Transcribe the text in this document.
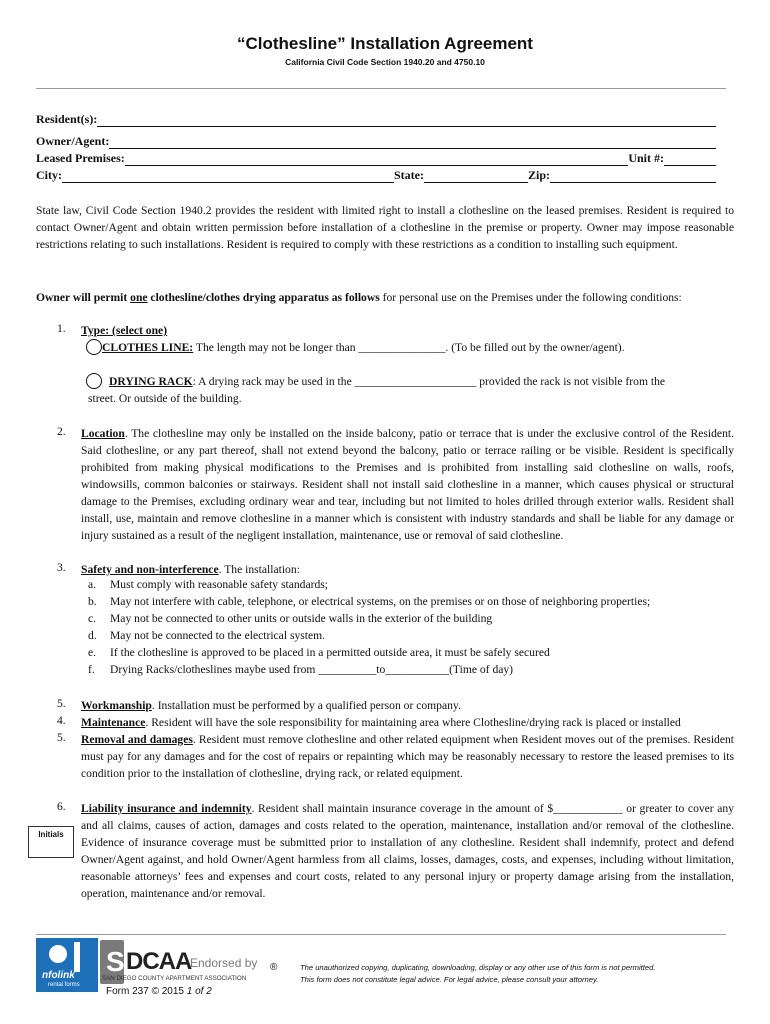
“Clothesline” Installation Agreement
California Civil Code Section 1940.20 and 4750.10
Resident(s):
Owner/Agent:
Leased Premises:	Unit #:
City:	State:	Zip:
State law, Civil Code Section 1940.2 provides the resident with limited right to install a clothesline on the leased premises. Resident is required to contact Owner/Agent and obtain written permission before installation of a clothesline in the premise or property. Owner may impose reasonable restrictions relating to such installations. Resident is required to comply with these restrictions as a condition to installing such equipment.
Owner will permit one clothesline/clothes drying apparatus as follows for personal use on the Premises under the following conditions:
1. Type: (select one)
CLOTHES LINE: The length may not be longer than _______________. (To be filled out by the owner/agent).
DRYING RACK: A drying rack may be used in the _____________________ provided the rack is not visible from the
street. Or outside of the building.
2. Location. The clothesline may only be installed on the inside balcony, patio or terrace that is under the exclusive control of the Resident. Said clothesline, or any part thereof, shall not extend beyond the balcony, patio or terrace railing or be visible. Resident is specifically prohibited from making physical modifications to the Premises and is prohibited from installing said clothesline on walls, roofs, windowsills, common balconies or stairways. Resident shall not install said clothesline in a manner, which causes physical or structural damage to the Premises, excluding ordinary wear and tear, including but not limited to holes drilled through exterior walls. Resident shall install, use, maintain and remove clothesline in a manner which is consistent with industry standards and shall be liable for any damage or injury sustained as a result of the negligent installation, maintenance, use or removal of said clothesline.
3. Safety and non-interference. The installation:
a. Must comply with reasonable safety standards;
b. May not interfere with cable, telephone, or electrical systems, on the premises or on those of neighboring properties;
c. May not be connected to other units or outside walls in the exterior of the building
d. May not be connected to the electrical system.
e. If the clothesline is approved to be placed in a permitted outside area, it must be safely secured
f. Drying Racks/clotheslines maybe used from __________to___________(Time of day)
5. Workmanship. Installation must be performed by a qualified person or company.
4. Maintenance. Resident will have the sole responsibility for maintaining area where Clothesline/drying rack is placed or installed
5. Removal and damages. Resident must remove clothesline and other related equipment when Resident moves out of the premises. Resident must pay for any damages and for the cost of repairs or repainting which may be reasonably necessary to restore the leased premises to its condition prior to the installation of clothesline, drying rack, or related equipment.
6. Liability insurance and indemnity. Resident shall maintain insurance coverage in the amount of $____________ or greater to cover any and all claims, causes of action, damages and costs related to the operation, maintenance, installation and/or removal of the clothesline. Evidence of insurance coverage must be submitted prior to installation of any clothesline. Resident shall indemnify, protect and defend Owner/Agent against, and hold Owner/Agent harmless from all claims, losses, damages, costs, and expenses, including without limitation, reasonable attorneys’ fees and expenses and court costs, related to any personal injury or property damage arising from the installation, operation, maintenance and/or removal.
Initials
nfolink
rental forms
S DCAA
Endorsed by
SAN DIEGO COUNTY APARTMENT ASSOCIATION
®	The unauthorized copying, duplicating, downloading, display or any other use of this form is not permitted.
This form does not constitute legal advice. For legal advice, please consult your attorney.
Form 237 © 2015 1 of 2
